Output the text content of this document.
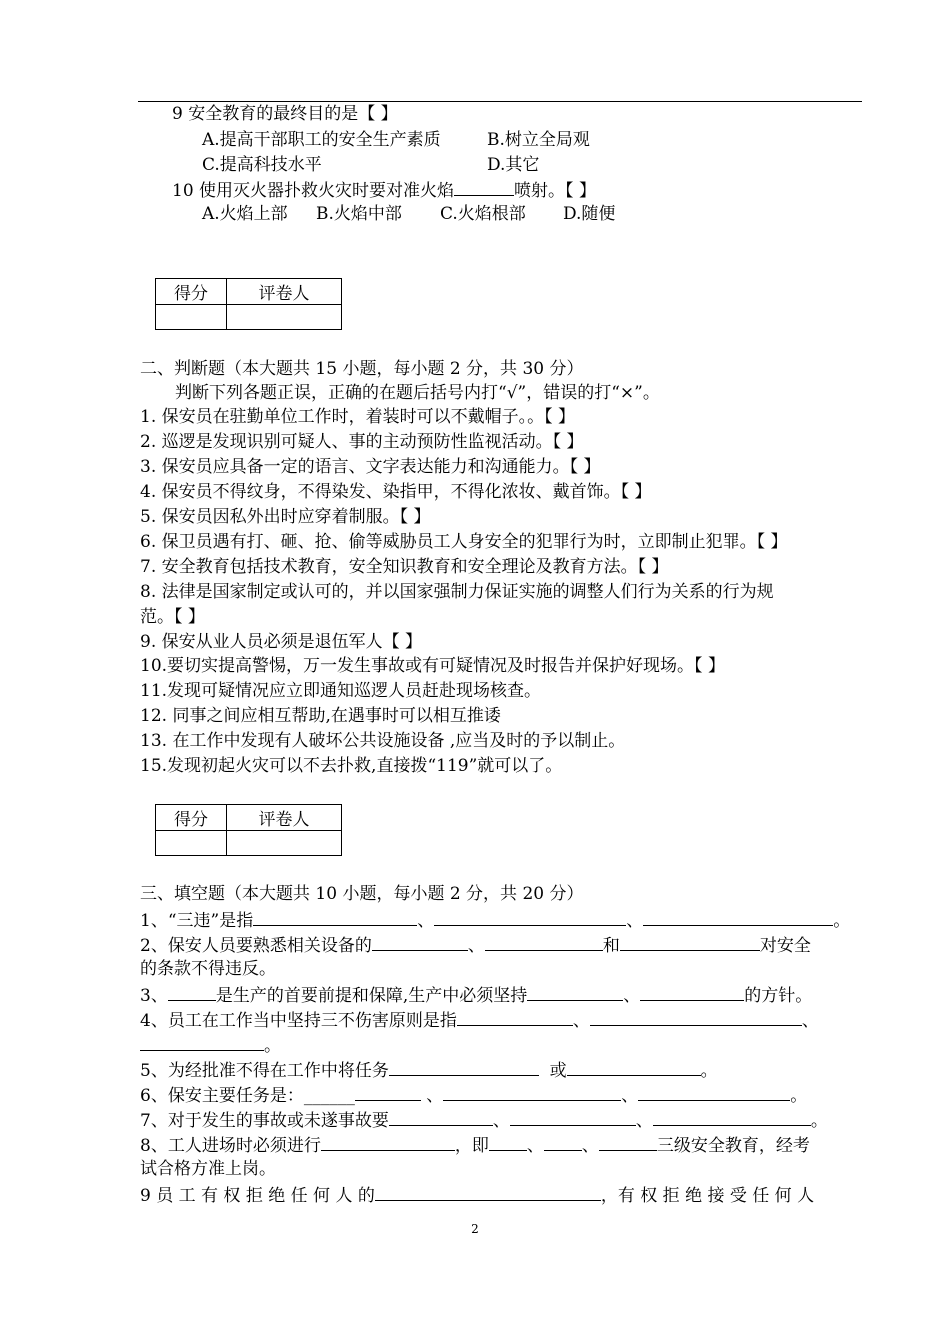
9 安全教育的最终目的是【 】
A.提高干部职工的安全生产素质	B.树立全局观
C.提高科技水平	D.其它
10 使用灭火器扑救火灾时要对准火焰	喷射。【 】
A.火焰上部 B.火焰中部 C.火焰根部 D.随便
得分	评卷人

二、判断题（本大题共 15 小题，每小题 2 分，共 30 分）
判断下列各题正误，正确的在题后括号内打“√”，错误的打“×”。
1. 保安员在驻勤单位工作时，着装时可以不戴帽子。。【 】
2. 巡逻是发现识别可疑人、事的主动预防性监视活动。【 】
3. 保安员应具备一定的语言、文字表达能力和沟通能力。【 】
4. 保安员不得纹身，不得染发、染指甲，不得化浓妆、戴首饰。【 】
5. 保安员因私外出时应穿着制服。【 】
6. 保卫员遇有打、砸、抢、偷等威胁员工人身安全的犯罪行为时，立即制止犯罪。【 】
7. 安全教育包括技术教育，安全知识教育和安全理论及教育方法。【 】
8. 法律是国家制定或认可的，并以国家强制力保证实施的调整人们行为关系的行为规
范。【 】
9. 保安从业人员必须是退伍军人【 】
10.要切实提高警惕，万一发生事故或有可疑情况及时报告并保护好现场。【 】
11.发现可疑情况应立即通知巡逻人员赶赴现场核查。
12. 同事之间应相互帮助,在遇事时可以相互推诿
13. 在工作中发现有人破坏公共设施设备 ,应当及时的予以制止。
15.发现初起火灾可以不去扑救,直接拨“119”就可以了。
得分	评卷人

三、填空题（本大题共 10 小题，每小题 2 分，共 20 分）
1、“三违”是指	、	、	。
2、保安人员要熟悉相关设备的	、	和	对安全
的条款不得违反。
3、	是生产的首要前提和保障,生产中必须坚持	、	的方针。
4、员工在工作当中坚持三不伤害原则是指	、	、
。
5、为经批准不得在工作中将任务	或	。
6、保安主要任务是：______	、	、	。
7、对于发生的事故或未遂事故要	、	、	。
8、工人进场时必须进行	，即 、 、	三级安全教育，经考
试合格方准上岗。
9 员 工 有 权 拒 绝 任 何 人 的	，有 权 拒 绝 接 受 任 何 人
2
